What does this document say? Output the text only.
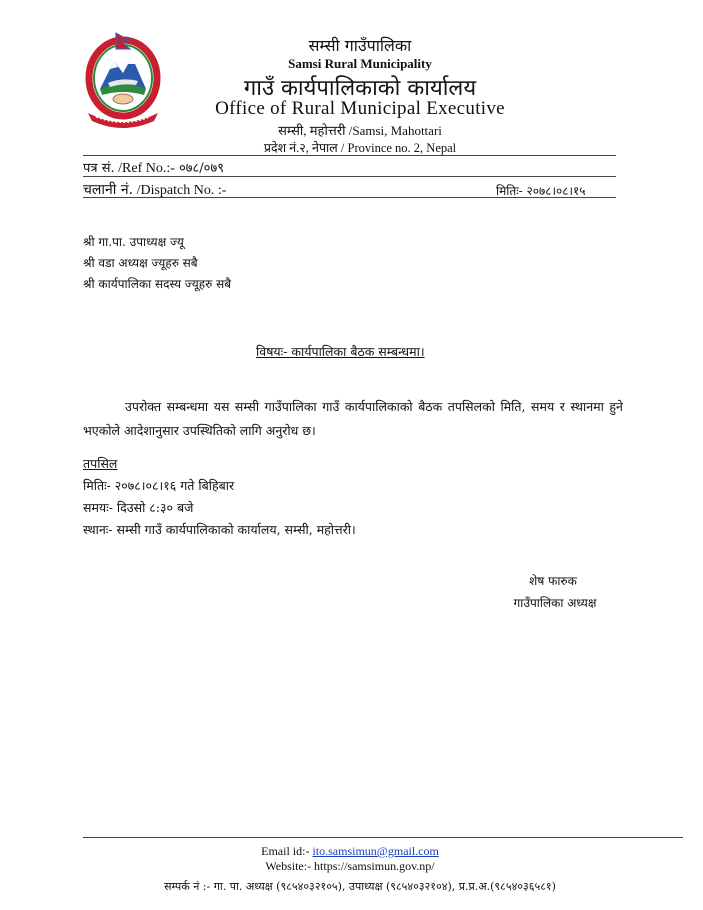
सम्सी गाउँपालिका
Samsi Rural Municipality
गाउँ कार्यपालिकाको कार्यालय
Office of Rural Municipal Executive
सम्सी, महोत्तरी /Samsi, Mahottari
प्रदेश नं.२, नेपाल / Province no. 2, Nepal
पत्र सं. /Ref No.:- ०७८/०७९
चलानी नं. /Dispatch No. :-	मितिः- २०७८।०८।१५
श्री गा.पा. उपाध्यक्ष ज्यू
श्री वडा अध्यक्ष ज्यूहरु सबै
श्री कार्यपालिका सदस्य ज्यूहरु सबै
विषयः- कार्यपालिका बैठक सम्बन्धमा।
उपरोक्त सम्बन्धमा यस सम्सी गाउँपालिका गाउँ कार्यपालिकाको बैठक तपसिलको मिति, समय र स्थानमा हुने भएकोले आदेशानुसार उपस्थितिको लागि अनुरोध छ।
तपसिल
मितिः- २०७८।०८।१६ गते बिहिबार
समयः- दिउसो ८:३० बजे
स्थानः- सम्सी गाउँ कार्यपालिकाको कार्यालय, सम्सी, महोत्तरी।
शेष फारुक
गाउँपालिका अध्यक्ष
Email id:- ito.samsimun@gmail.com
Website:- https://samsimun.gov.np/
सम्पर्क नं :- गा. पा. अध्यक्ष (९८५४०३२१०५), उपाध्यक्ष (९८५४०३२१०४), प्र.प्र.अ.(९८५४०३६५८१)
